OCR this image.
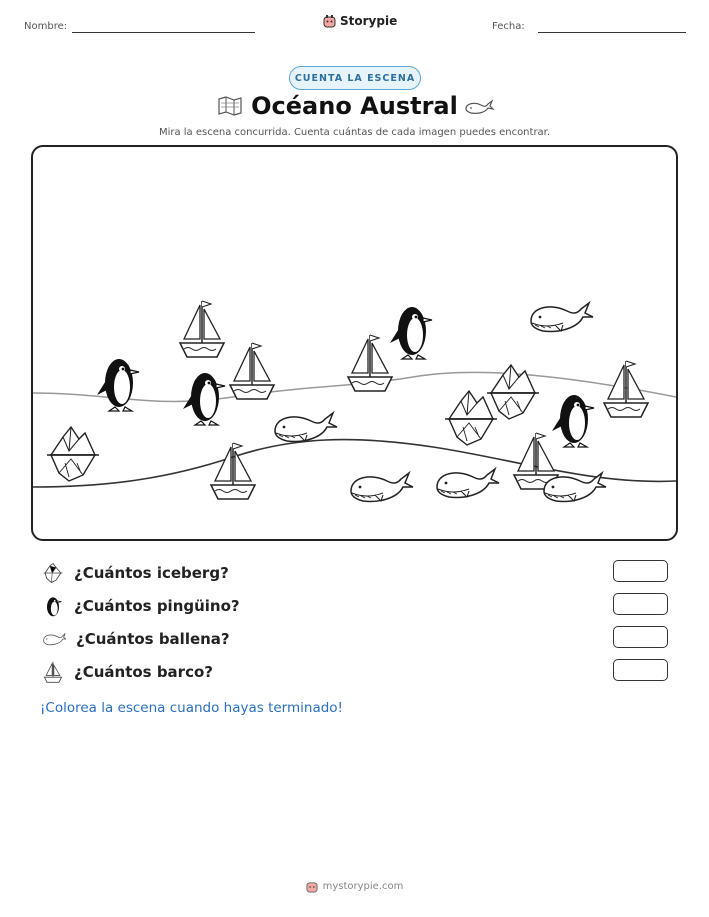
Nombre:	Storypie	Fecha:
CUENTA LA ESCENA
Océano Austral
Mira la escena concurrida. Cuenta cuántas de cada imagen puedes encontrar.
¿Cuántos iceberg?
¿Cuántos pingüino?
¿Cuántos ballena?
¿Cuántos barco?
¡Colorea la escena cuando hayas terminado!
mystorypie.com
